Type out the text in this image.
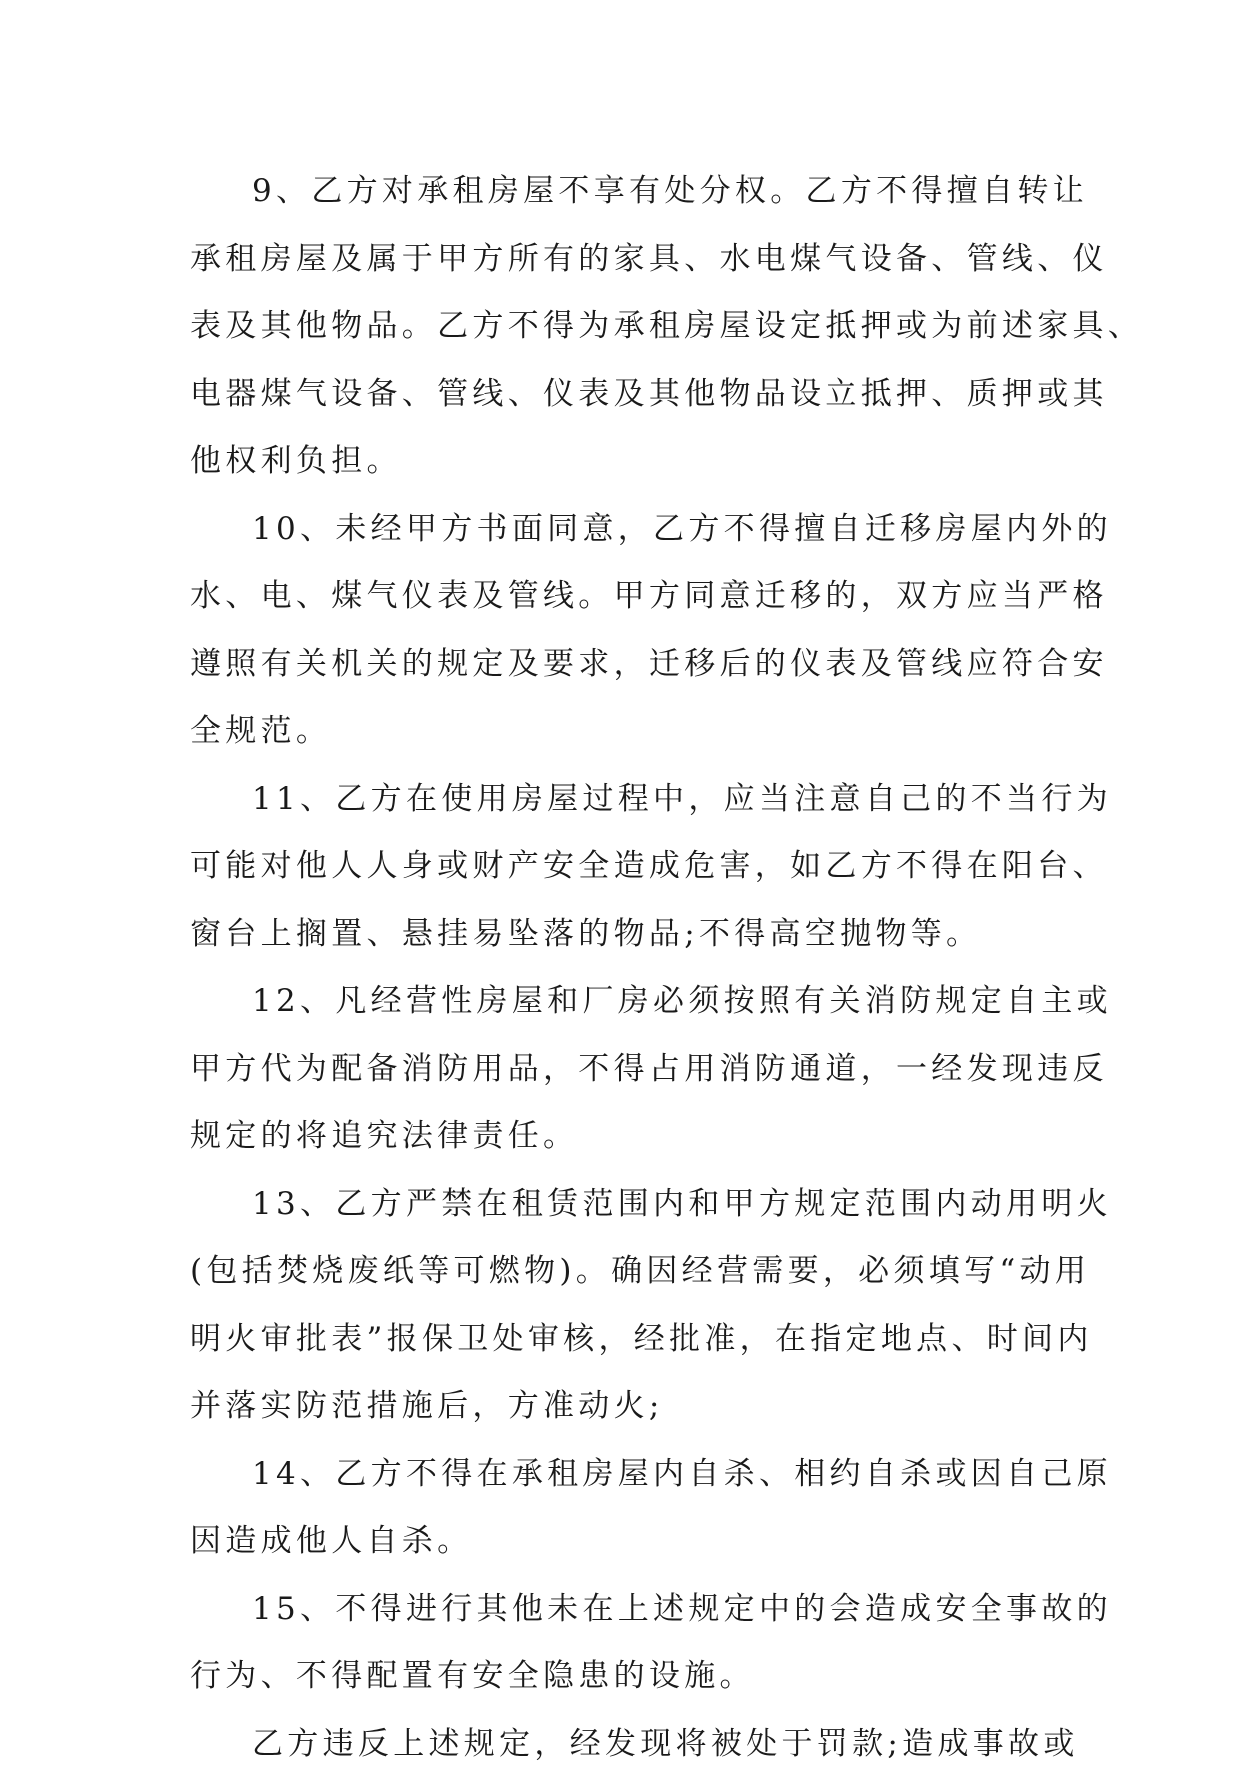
9、乙方对承租房屋不享有处分权。乙方不得擅自转让
承租房屋及属于甲方所有的家具、水电煤气设备、管线、仪
表及其他物品。乙方不得为承租房屋设定抵押或为前述家具、
电器煤气设备、管线、仪表及其他物品设立抵押、质押或其
他权利负担。

10、未经甲方书面同意，乙方不得擅自迁移房屋内外的
水、电、煤气仪表及管线。甲方同意迁移的，双方应当严格
遵照有关机关的规定及要求，迁移后的仪表及管线应符合安
全规范。

11、乙方在使用房屋过程中，应当注意自己的不当行为
可能对他人人身或财产安全造成危害，如乙方不得在阳台、
窗台上搁置、悬挂易坠落的物品;不得高空抛物等。

12、凡经营性房屋和厂房必须按照有关消防规定自主或
甲方代为配备消防用品，不得占用消防通道，一经发现违反
规定的将追究法律责任。

13、乙方严禁在租赁范围内和甲方规定范围内动用明火
(包括焚烧废纸等可燃物)。确因经营需要，必须填写“动用
明火审批表”报保卫处审核，经批准，在指定地点、时间内
并落实防范措施后，方准动火;

14、乙方不得在承租房屋内自杀、相约自杀或因自己原
因造成他人自杀。

15、不得进行其他未在上述规定中的会造成安全事故的
行为、不得配置有安全隐患的设施。

乙方违反上述规定，经发现将被处于罚款;造成事故或
